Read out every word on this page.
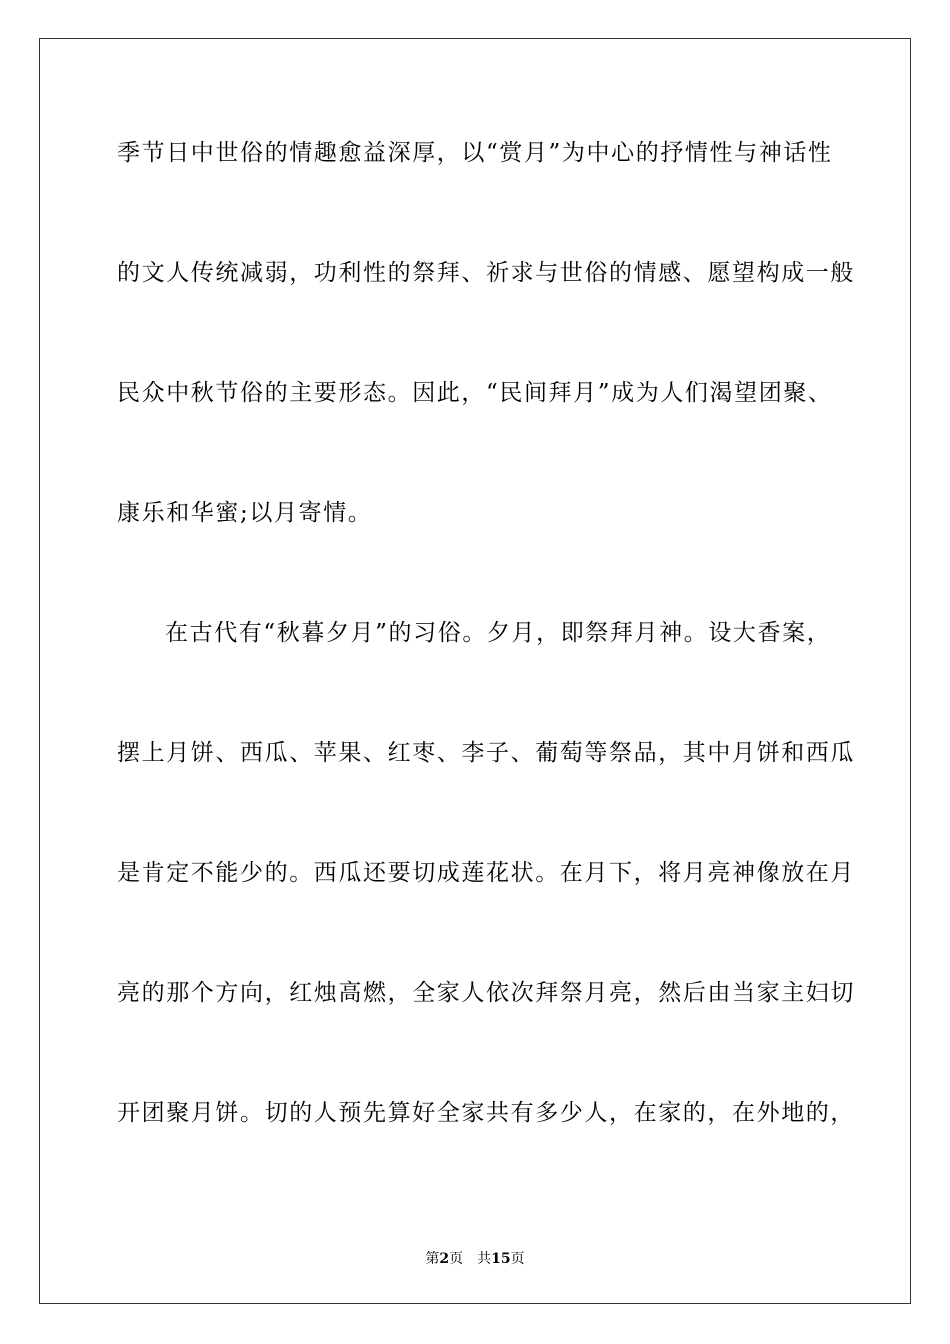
季节日中世俗的情趣愈益深厚，以“赏月”为中心的抒情性与神话性
的文人传统减弱，功利性的祭拜、祈求与世俗的情感、愿望构成一般
民众中秋节俗的主要形态。因此，“民间拜月”成为人们渴望团聚、
康乐和华蜜;以月寄情。
在古代有“秋暮夕月”的习俗。夕月，即祭拜月神。设大香案，
摆上月饼、西瓜、苹果、红枣、李子、葡萄等祭品，其中月饼和西瓜
是肯定不能少的。西瓜还要切成莲花状。在月下，将月亮神像放在月
亮的那个方向，红烛高燃，全家人依次拜祭月亮，然后由当家主妇切
开团聚月饼。切的人预先算好全家共有多少人，在家的，在外地的，
第2页 共15页
